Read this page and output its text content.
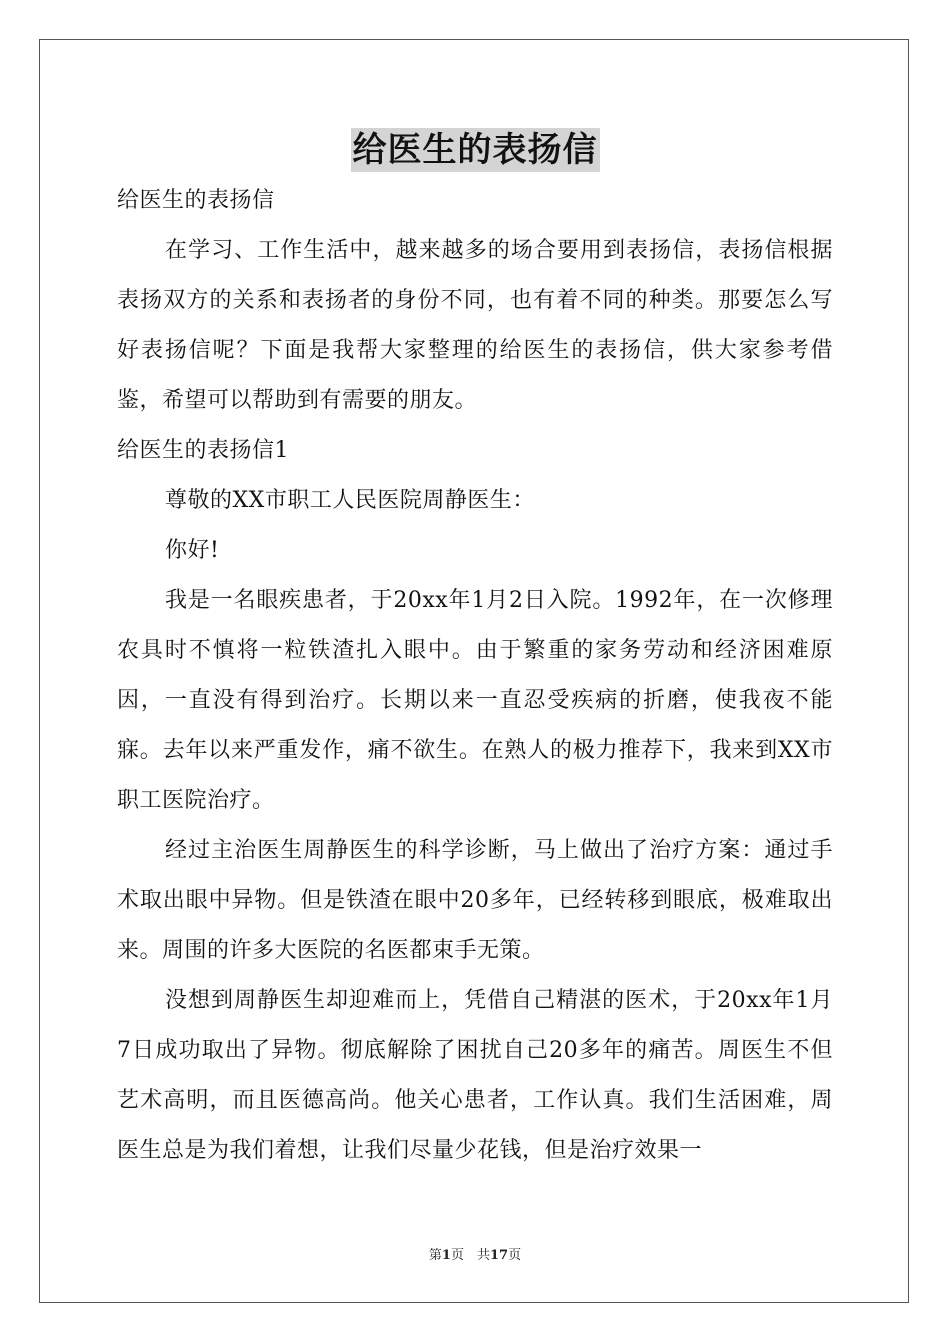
给医生的表扬信

给医生的表扬信

在学习、工作生活中，越来越多的场合要用到表扬信，表扬信根据表扬双方的关系和表扬者的身份不同，也有着不同的种类。那要怎么写好表扬信呢？下面是我帮大家整理的给医生的表扬信，供大家参考借鉴，希望可以帮助到有需要的朋友。

给医生的表扬信1

尊敬的XX市职工人民医院周静医生：

你好!

我是一名眼疾患者，于20xx年1月2日入院。1992年，在一次修理农具时不慎将一粒铁渣扎入眼中。由于繁重的家务劳动和经济困难原因，一直没有得到治疗。长期以来一直忍受疾病的折磨，使我夜不能寐。去年以来严重发作，痛不欲生。在熟人的极力推荐下，我来到XX市职工医院治疗。

经过主治医生周静医生的科学诊断，马上做出了治疗方案：通过手术取出眼中异物。但是铁渣在眼中20多年，已经转移到眼底，极难取出来。周围的许多大医院的名医都束手无策。

没想到周静医生却迎难而上，凭借自己精湛的医术，于20xx年1月7日成功取出了异物。彻底解除了困扰自己20多年的痛苦。周医生不但艺术高明，而且医德高尚。他关心患者，工作认真。我们生活困难，周医生总是为我们着想，让我们尽量少花钱，但是治疗效果一

第1页　共17页
